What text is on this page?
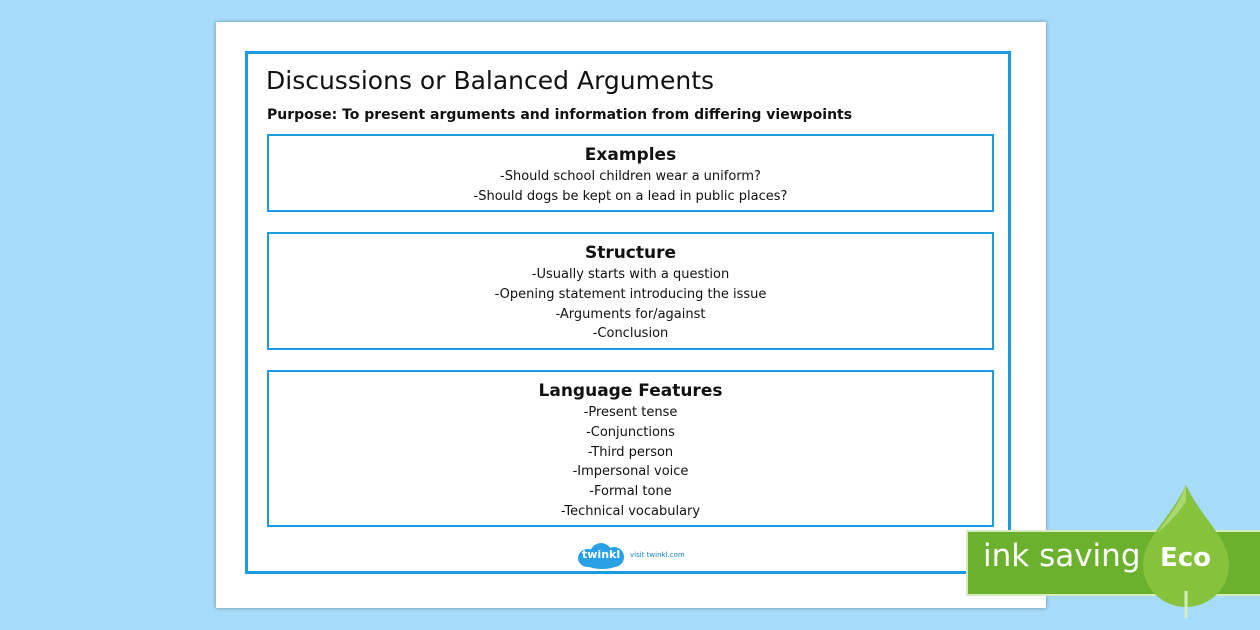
Discussions or Balanced Arguments
Purpose: To present arguments and information from differing viewpoints
Examples
-Should school children wear a uniform?
-Should dogs be kept on a lead in public places?
Structure
-Usually starts with a question
-Opening statement introducing the issue
-Arguments for/against
-Conclusion
Language Features
-Present tense
-Conjunctions
-Third person
-Impersonal voice
-Formal tone
-Technical vocabulary
twinkl visit twinkl.com	ink saving Eco
